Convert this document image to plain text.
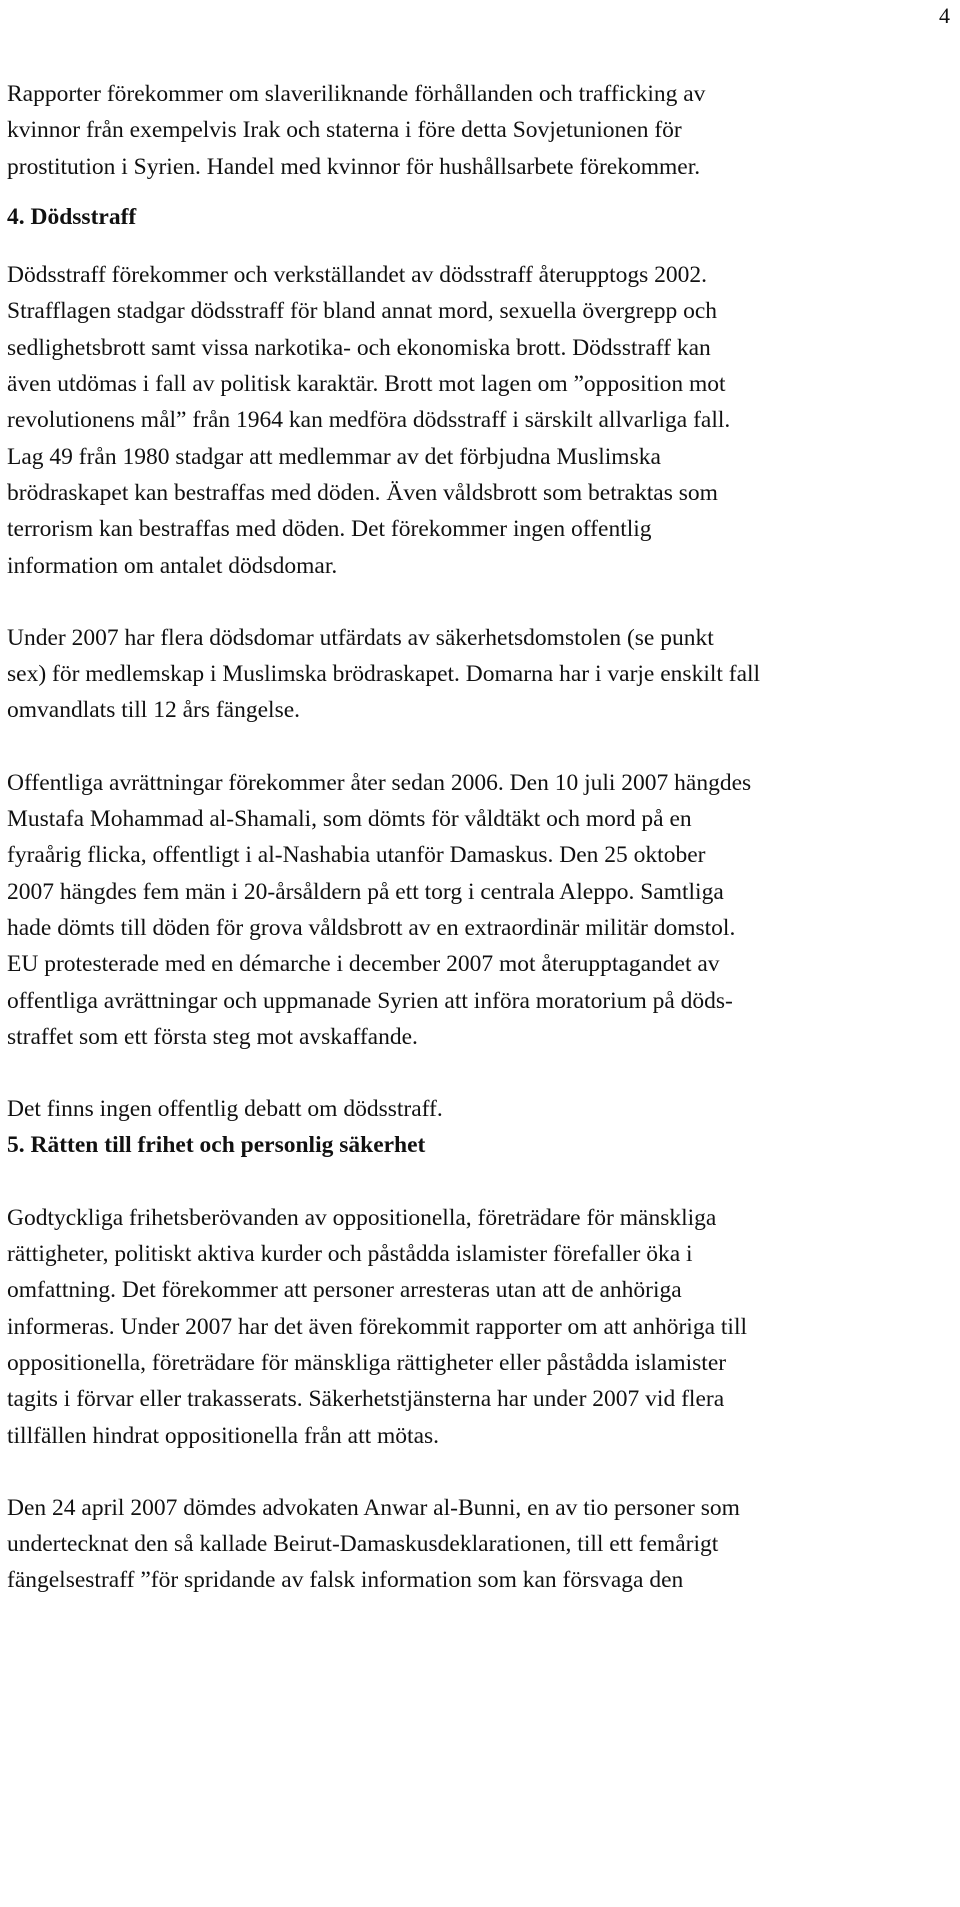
4
Rapporter förekommer om slaveriliknande förhållanden och trafficking av
kvinnor från exempelvis Irak och staterna i före detta Sovjetunionen för
prostitution i Syrien. Handel med kvinnor för hushållsarbete förekommer.
4. Dödsstraff
Dödsstraff förekommer och verkställandet av dödsstraff återupptogs 2002.
Strafflagen stadgar dödsstraff för bland annat mord, sexuella övergrepp och
sedlighetsbrott samt vissa narkotika- och ekonomiska brott. Dödsstraff kan
även utdömas i fall av politisk karaktär. Brott mot lagen om ”opposition mot
revolutionens mål” från 1964 kan medföra dödsstraff i särskilt allvarliga fall.
Lag 49 från 1980 stadgar att medlemmar av det förbjudna Muslimska
brödraskapet kan bestraffas med döden. Även våldsbrott som betraktas som
terrorism kan bestraffas med döden. Det förekommer ingen offentlig
information om antalet dödsdomar.
Under 2007 har flera dödsdomar utfärdats av säkerhetsdomstolen (se punkt
sex) för medlemskap i Muslimska brödraskapet. Domarna har i varje enskilt fall
omvandlats till 12 års fängelse.
Offentliga avrättningar förekommer åter sedan 2006. Den 10 juli 2007 hängdes
Mustafa Mohammad al-Shamali, som dömts för våldtäkt och mord på en
fyraårig flicka, offentligt i al-Nashabia utanför Damaskus. Den 25 oktober
2007 hängdes fem män i 20-årsåldern på ett torg i centrala Aleppo. Samtliga
hade dömts till döden för grova våldsbrott av en extraordinär militär domstol.
EU protesterade med en démarche i december 2007 mot återupptagandet av
offentliga avrättningar och uppmanade Syrien att införa moratorium på döds-
straffet som ett första steg mot avskaffande.
Det finns ingen offentlig debatt om dödsstraff.
5. Rätten till frihet och personlig säkerhet
Godtyckliga frihetsberövanden av oppositionella, företrädare för mänskliga
rättigheter, politiskt aktiva kurder och påstådda islamister förefaller öka i
omfattning. Det förekommer att personer arresteras utan att de anhöriga
informeras. Under 2007 har det även förekommit rapporter om att anhöriga till
oppositionella, företrädare för mänskliga rättigheter eller påstådda islamister
tagits i förvar eller trakasserats. Säkerhetstjänsterna har under 2007 vid flera
tillfällen hindrat oppositionella från att mötas.
Den 24 april 2007 dömdes advokaten Anwar al-Bunni, en av tio personer som
undertecknat den så kallade Beirut-Damaskusdeklarationen, till ett femårigt
fängelsestraff ”för spridande av falsk information som kan försvaga den
